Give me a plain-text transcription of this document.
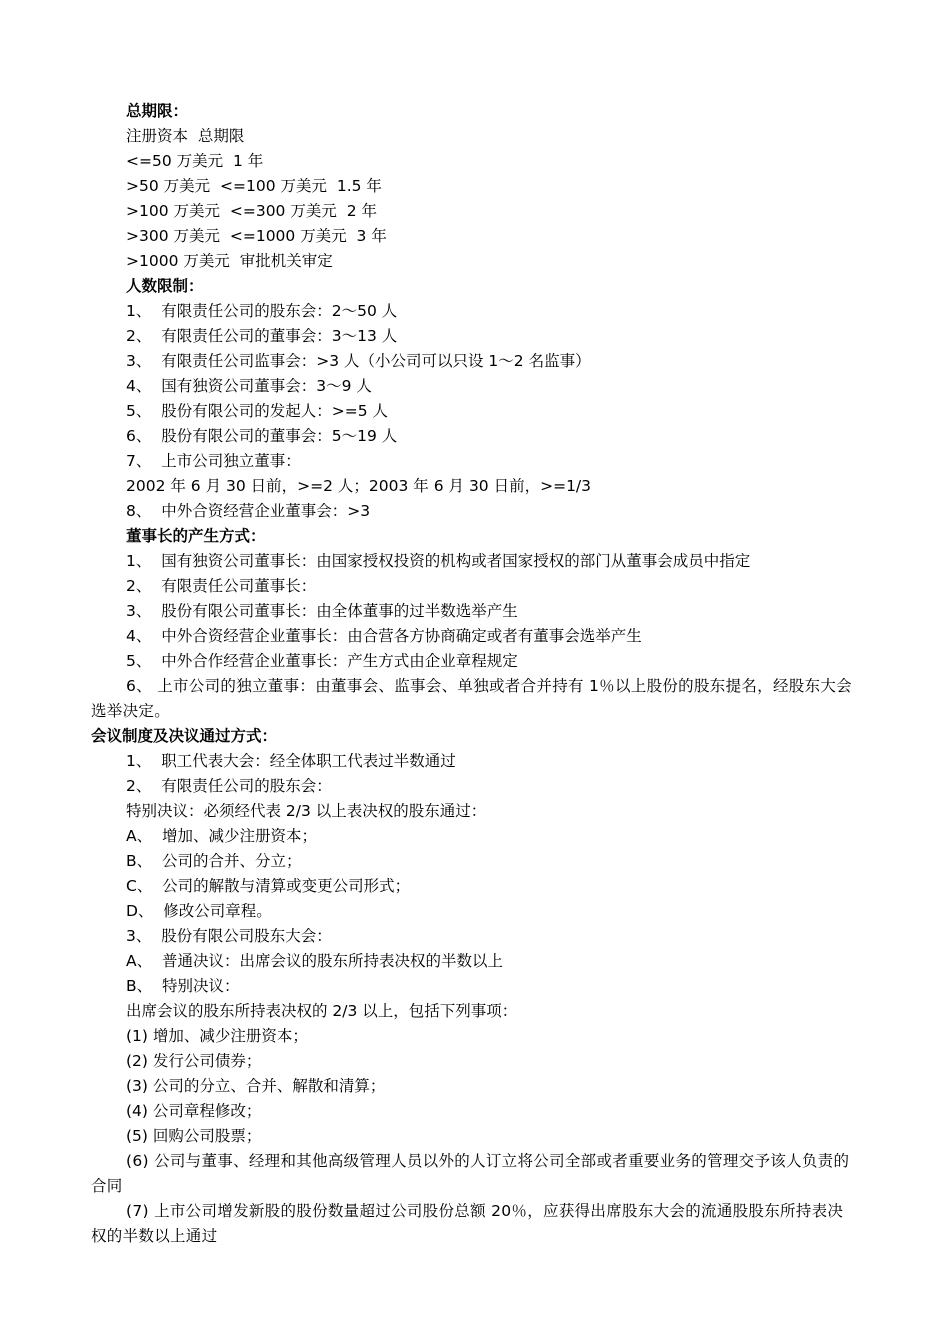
总期限：
注册资本  总期限
<=50 万美元  1 年
>50 万美元  <=100 万美元  1.5 年
>100 万美元  <=300 万美元  2 年
>300 万美元  <=1000 万美元  3 年
>1000 万美元  审批机关审定
人数限制：
1、  有限责任公司的股东会：2～50 人
2、  有限责任公司的董事会：3～13 人
3、  有限责任公司监事会：>3 人（小公司可以只设 1～2 名监事）
4、  国有独资公司董事会：3～9 人
5、  股份有限公司的发起人：>=5 人
6、  股份有限公司的董事会：5～19 人
7、  上市公司独立董事：
2002 年 6 月 30 日前，>=2 人；2003 年 6 月 30 日前，>=1/3
8、  中外合资经营企业董事会：>3
董事长的产生方式：
1、  国有独资公司董事长：由国家授权投资的机构或者国家授权的部门从董事会成员中指定
2、  有限责任公司董事长：
3、  股份有限公司董事长：由全体董事的过半数选举产生
4、  中外合资经营企业董事长：由合营各方协商确定或者有董事会选举产生
5、  中外合作经营企业董事长：产生方式由企业章程规定
6、 上市公司的独立董事：由董事会、监事会、单独或者合并持有 1％以上股份的股东提名，经股东大会选举决定。
会议制度及决议通过方式：
1、  职工代表大会：经全体职工代表过半数通过
2、  有限责任公司的股东会：
特别决议：必须经代表 2/3 以上表决权的股东通过：
A、  增加、减少注册资本；
B、  公司的合并、分立；
C、  公司的解散与清算或变更公司形式；
D、  修改公司章程。
3、  股份有限公司股东大会：
A、  普通决议：出席会议的股东所持表决权的半数以上
B、  特别决议：
出席会议的股东所持表决权的 2/3 以上，包括下列事项：
(1) 增加、减少注册资本；
(2) 发行公司债券；
(3) 公司的分立、合并、解散和清算；
(4) 公司章程修改；
(5) 回购公司股票；
(6) 公司与董事、经理和其他高级管理人员以外的人订立将公司全部或者重要业务的管理交予该人负责的合同
(7) 上市公司增发新股的股份数量超过公司股份总额 20％，应获得出席股东大会的流通股股东所持表决权的半数以上通过
